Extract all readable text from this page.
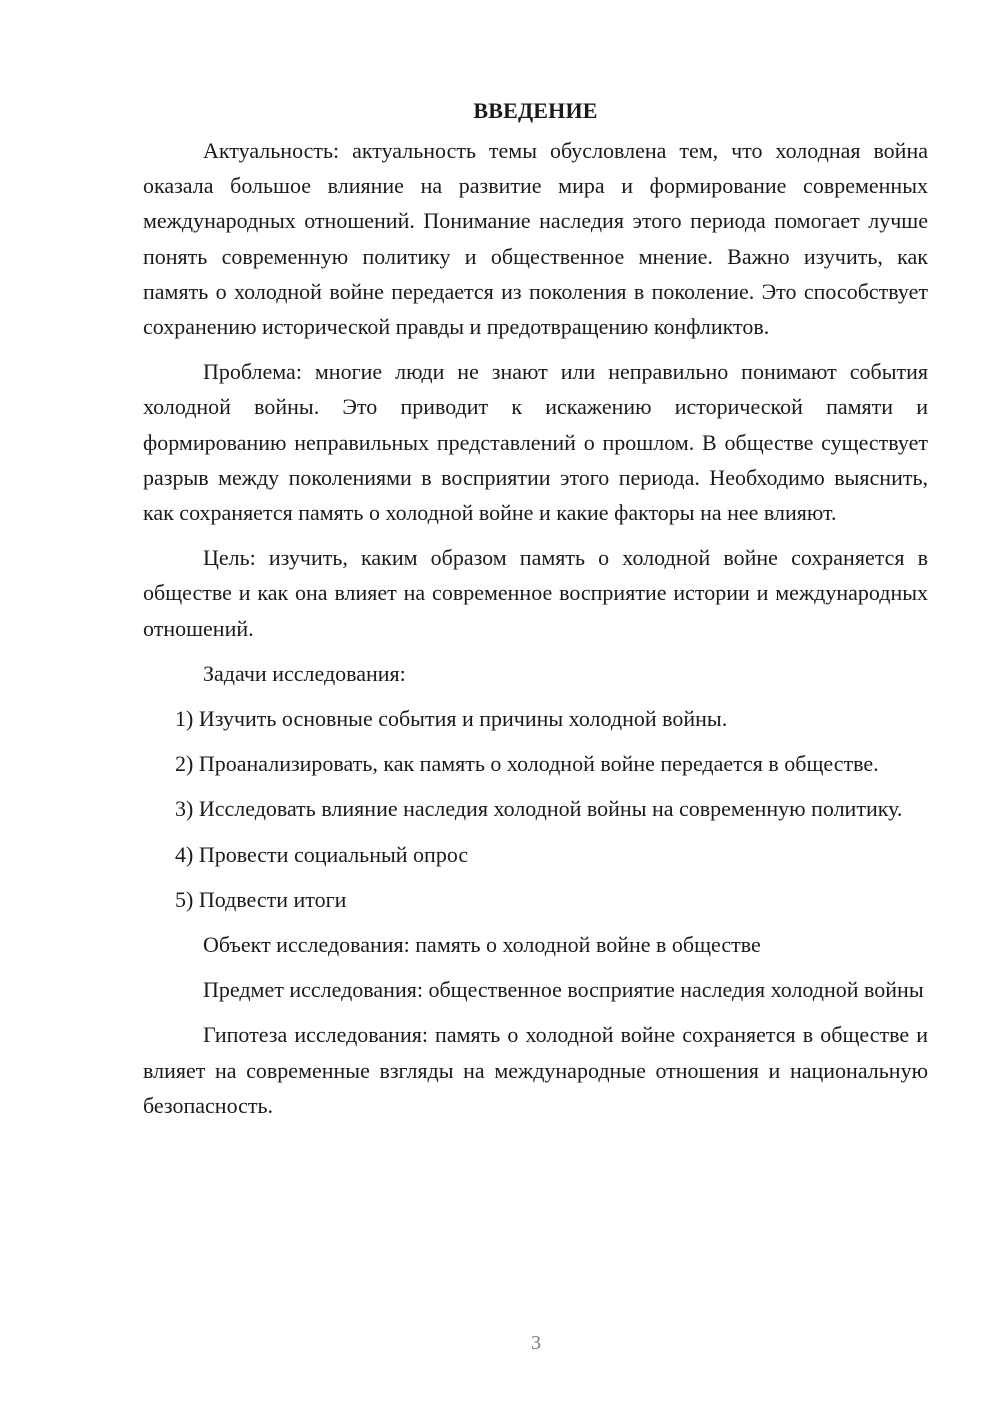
ВВЕДЕНИЕ

Актуальность: актуальность темы обусловлена тем, что холодная война оказала большое влияние на развитие мира и формирование современных международных отношений. Понимание наследия этого периода помогает лучше понять современную политику и общественное мнение. Важно изучить, как память о холодной войне передается из поколения в поколение. Это способствует сохранению исторической правды и предотвращению конфликтов.

Проблема: многие люди не знают или неправильно понимают события холодной войны. Это приводит к искажению исторической памяти и формированию неправильных представлений о прошлом. В обществе существует разрыв между поколениями в восприятии этого периода. Необходимо выяснить, как сохраняется память о холодной войне и какие факторы на нее влияют.

Цель: изучить, каким образом память о холодной войне сохраняется в обществе и как она влияет на современное восприятие истории и международных отношений.

Задачи исследования:

1) Изучить основные события и причины холодной войны.

2) Проанализировать, как память о холодной войне передается в обществе.

3) Исследовать влияние наследия холодной войны на современную политику.

4) Провести социальный опрос

5) Подвести итоги

Объект исследования: память о холодной войне в обществе

Предмет исследования: общественное восприятие наследия холодной войны

Гипотеза исследования: память о холодной войне сохраняется в обществе и влияет на современные взгляды на международные отношения и национальную безопасность.

3
